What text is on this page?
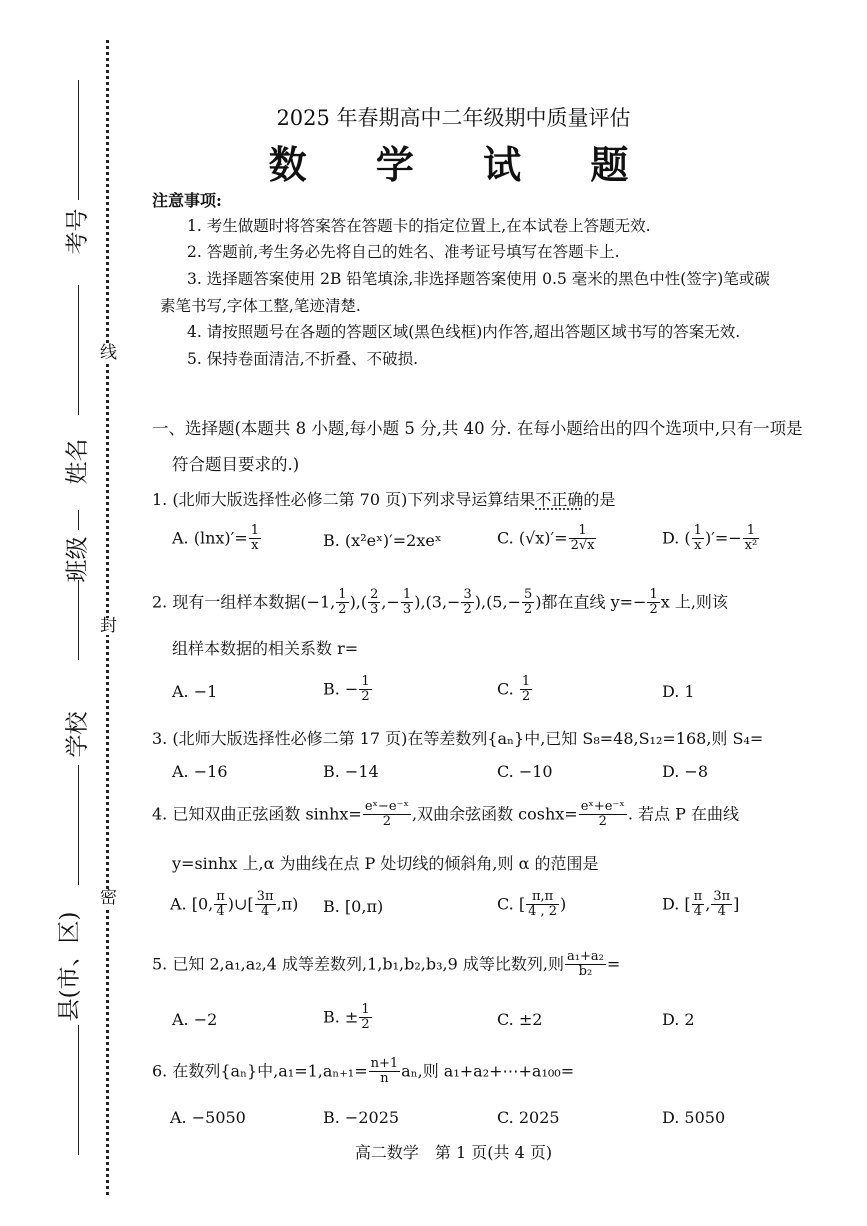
线
封
密
考号
姓名
班级
学校
县(市、区)
2025 年春期高中二年级期中质量评估
数 学 试 题
注意事项:
1. 考生做题时将答案答在答题卡的指定位置上,在本试卷上答题无效.
2. 答题前,考生务必先将自己的姓名、准考证号填写在答题卡上.
3. 选择题答案使用 2B 铅笔填涂,非选择题答案使用 0.5 毫米的黑色中性(签字)笔或碳
素笔书写,字体工整,笔迹清楚.
4. 请按照题号在各题的答题区域(黑色线框)内作答,超出答题区域书写的答案无效.
5. 保持卷面清洁,不折叠、不破损.
一、选择题(本题共 8 小题,每小题 5 分,共 40 分. 在每小题给出的四个选项中,只有一项是
符合题目要求的.)
1. (北师大版选择性必修二第 70 页)下列求导运算结果不正确的是
A. $(\ln x)'= \frac{1}{x}$	B. (x²eˣ)′=2xeˣ	C. $(√x)'= \frac{1}{2√x}$	D. ( $\frac{1}{x}$ )′=− $\frac{1}{\text{x²}}$
2. 现有一组样本数据(−1, $\frac{1}{2}$ ),( $\frac{2}{3}$ ,− $\frac{1}{3} ),(3,- \frac{3}{2} ),(5,- \frac{5}{2}$ )都在直线 $y=- \frac{1}{2}$ x 上,则该
组样本数据的相关系数 r=
A. −1	B. − $\frac{1}{2}$	C. $\frac{1}{2}$	D. 1
3. (北师大版选择性必修二第 17 页)在等差数列{aₙ}中,已知 S₈=48,S₁₂=168,则 S₄=
A. −16	B. −14	C. −10	D. −8
4. 已知双曲正弦函数 $\sinh x= \frac{\text{eˣ−e⁻ˣ}}{2}$ ,双曲余弦函数 $\cosh x= \frac{\text{eˣ+e⁻ˣ}}{2}$ . 若点 P 在曲线
y=sinhx 上,α 为曲线在点 P 处切线的倾斜角,则 α 的范围是
A. [0, $\frac{\pi}{4}$ )∪[ $\frac{3\pi}{4} ,\pi$) B. [0,π)	C. [ $\frac{\pi,\pi}{4 , 2}$ )	D. [ $\frac{\pi}{4}$ , $\frac{3\pi}{4}$ ]
5. 已知 2,a₁,a₂,4 成等差数列,1,b₁,b₂,b₃,9 成等比数列,则 $\frac{\text{a₁+a₂}}{\text{b₂}}$ =
A. −2	B. ± $\frac{1}{2}$	C. ±2	D. 2
6. 在数列{aₙ}中$,a_1=1,a_{n+1}= \frac{n+1}{n} a_n$,则 a₁+a₂+⋯+a₁₀₀=
A. −5050	B. −2025	C. 2025	D. 5050
高二数学　第 1 页(共 4 页)
